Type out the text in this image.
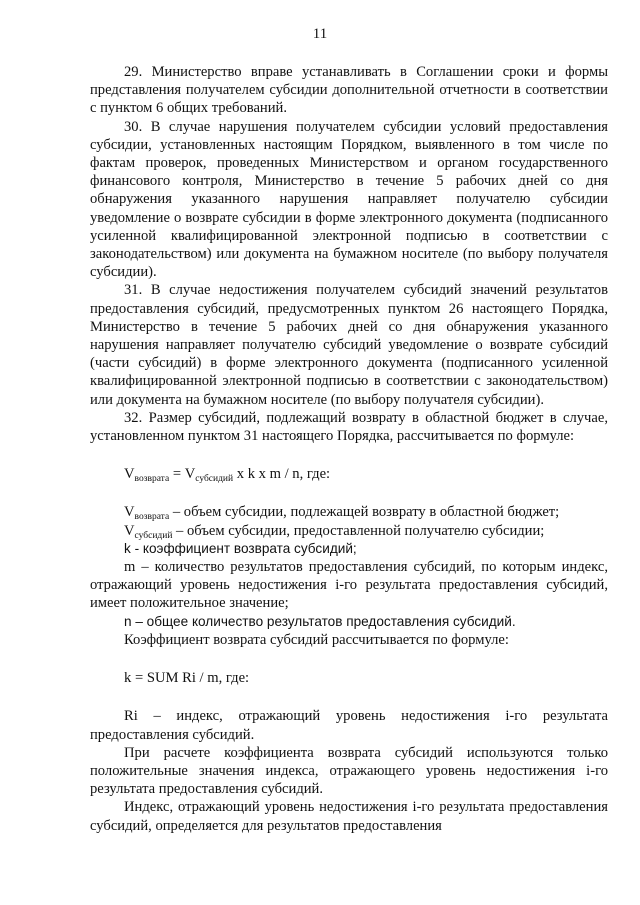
11

29. Министерство вправе устанавливать в Соглашении сроки и формы представления получателем субсидии дополнительной отчетности в соответствии с пунктом 6 общих требований.

30. В случае нарушения получателем субсидии условий предоставления субсидии, установленных настоящим Порядком, выявленного в том числе по фактам проверок, проведенных Министерством и органом государственного финансового контроля, Министерство в течение 5 рабочих дней со дня обнаружения указанного нарушения направляет получателю субсидии уведомление о возврате субсидии в форме электронного документа (подписанного усиленной квалифицированной электронной подписью в соответствии с законодательством) или документа на бумажном носителе (по выбору получателя субсидии).

31. В случае недостижения получателем субсидий значений результатов предоставления субсидий, предусмотренных пунктом 26 настоящего Порядка, Министерство в течение 5 рабочих дней со дня обнаружения указанного нарушения направляет получателю субсидий уведомление о возврате субсидий (части субсидий) в форме электронного документа (подписанного усиленной квалифицированной электронной подписью в соответствии с законодательством) или документа на бумажном носителе (по выбору получателя субсидии).

32. Размер субсидий, подлежащий возврату в областной бюджет в случае, установленном пунктом 31 настоящего Порядка, рассчитывается по формуле:

$V_{возврата} = V_{субсидий}$ x k x m / n, где:

$V_{возврата}$ – объем субсидии, подлежащей возврату в областной бюджет;

$V_{субсидий}$ – объем субсидии, предоставленной получателю субсидии;

k - коэффициент возврата субсидий;

m – количество результатов предоставления субсидий, по которым индекс, отражающий уровень недостижения i-го результата предоставления субсидий, имеет положительное значение;

n – общее количество результатов предоставления субсидий.

Коэффициент возврата субсидий рассчитывается по формуле:

k = SUM Ri / m, где:

Ri – индекс, отражающий уровень недостижения i-го результата предоставления субсидий.

При расчете коэффициента возврата субсидий используются только положительные значения индекса, отражающего уровень недостижения i-го результата предоставления субсидий.

Индекс, отражающий уровень недостижения i-го результата предоставления субсидий, определяется для результатов предоставления
